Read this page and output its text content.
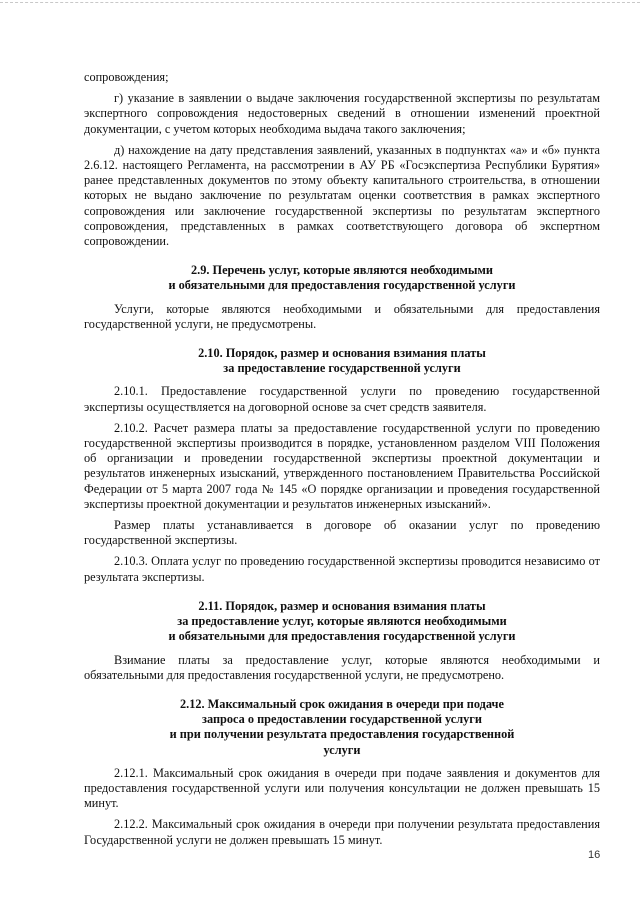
сопровождения;

г) указание в заявлении о выдаче заключения государственной экспертизы по результатам экспертного сопровождения недостоверных сведений в отношении изменений проектной документации, с учетом которых необходима выдача такого заключения;

д) нахождение на дату представления заявлений, указанных в подпунктах «а» и «б» пункта 2.6.12. настоящего Регламента, на рассмотрении в АУ РБ «Госэкспертиза Республики Бурятия» ранее представленных документов по этому объекту капитального строительства, в отношении которых не выдано заключение по результатам оценки соответствия в рамках экспертного сопровождения или заключение государственной экспертизы по результатам экспертного сопровождения, представленных в рамках соответствующего договора об экспертном сопровождении.

2.9. Перечень услуг, которые являются необходимыми
и обязательными для предоставления государственной услуги

Услуги, которые являются необходимыми и обязательными для предоставления государственной услуги, не предусмотрены.

2.10. Порядок, размер и основания взимания платы
за предоставление государственной услуги

2.10.1. Предоставление государственной услуги по проведению государственной экспертизы осуществляется на договорной основе за счет средств заявителя.

2.10.2. Расчет размера платы за предоставление государственной услуги по проведению государственной экспертизы производится в порядке, установленном разделом VIII Положения об организации и проведении государственной экспертизы проектной документации и результатов инженерных изысканий, утвержденного постановлением Правительства Российской Федерации от 5 марта 2007 года № 145 «О порядке организации и проведения государственной экспертизы проектной документации и результатов инженерных изысканий».

Размер платы устанавливается в договоре об оказании услуг по проведению государственной экспертизы.

2.10.3. Оплата услуг по проведению государственной экспертизы проводится независимо от результата экспертизы.

2.11. Порядок, размер и основания взимания платы
за предоставление услуг, которые являются необходимыми
и обязательными для предоставления государственной услуги

Взимание платы за предоставление услуг, которые являются необходимыми и обязательными для предоставления государственной услуги, не предусмотрено.

2.12. Максимальный срок ожидания в очереди при подаче
запроса о предоставлении государственной услуги
и при получении результата предоставления государственной
услуги

2.12.1. Максимальный срок ожидания в очереди при подаче заявления и документов для предоставления государственной услуги или получения консультации не должен превышать 15 минут.

2.12.2. Максимальный срок ожидания в очереди при получении результата предоставления Государственной услуги не должен превышать 15 минут.

16
